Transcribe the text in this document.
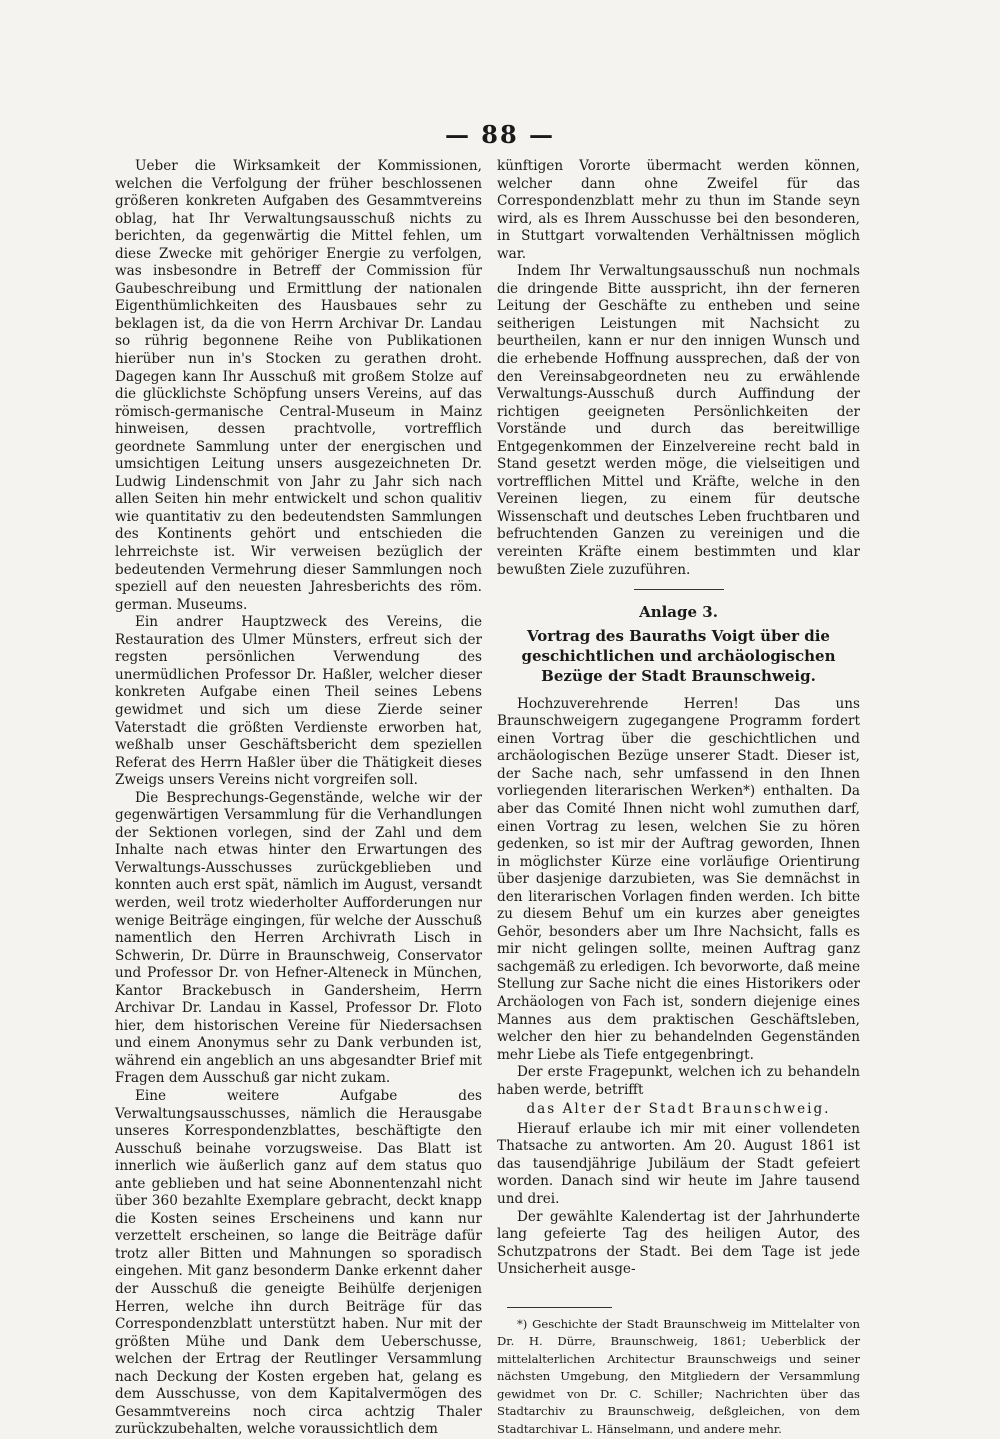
— 88 —

Ueber die Wirksamkeit der Kommissionen, welchen die Verfolgung der früher beschlossenen größeren konkreten Aufgaben des Gesammtvereins oblag, hat Ihr Verwaltungsausschuß nichts zu berichten, da gegenwärtig die Mittel fehlen, um diese Zwecke mit gehöriger Energie zu verfolgen, was insbesondre in Betreff der Commission für Gaubeschreibung und Ermittlung der nationalen Eigenthümlichkeiten des Hausbaues sehr zu beklagen ist, da die von Herrn Archivar Dr. Landau so rührig begonnene Reihe von Publikationen hierüber nun in's Stocken zu gerathen droht. Dagegen kann Ihr Ausschuß mit großem Stolze auf die glücklichste Schöpfung unsers Vereins, auf das römisch-germanische Central-Museum in Mainz hinweisen, dessen prachtvolle, vortrefflich geordnete Sammlung unter der energischen und umsichtigen Leitung unsers ausgezeichneten Dr. Ludwig Lindenschmit von Jahr zu Jahr sich nach allen Seiten hin mehr entwickelt und schon qualitiv wie quantitativ zu den bedeutendsten Sammlungen des Kontinents gehört und entschieden die lehrreichste ist. Wir verweisen bezüglich der bedeutenden Vermehrung dieser Sammlungen noch speziell auf den neuesten Jahresberichts des röm. german. Museums.

Ein andrer Hauptzweck des Vereins, die Restauration des Ulmer Münsters, erfreut sich der regsten persönlichen Verwendung des unermüdlichen Professor Dr. Haßler, welcher dieser konkreten Aufgabe einen Theil seines Lebens gewidmet und sich um diese Zierde seiner Vaterstadt die größten Verdienste erworben hat, weßhalb unser Geschäftsbericht dem speziellen Referat des Herrn Haßler über die Thätigkeit dieses Zweigs unsers Vereins nicht vorgreifen soll.

Die Besprechungs-Gegenstände, welche wir der gegenwärtigen Versammlung für die Verhandlungen der Sektionen vorlegen, sind der Zahl und dem Inhalte nach etwas hinter den Erwartungen des Verwaltungs-Ausschusses zurückgeblieben und konnten auch erst spät, nämlich im August, versandt werden, weil trotz wiederholter Aufforderungen nur wenige Beiträge eingingen, für welche der Ausschuß namentlich den Herren Archivrath Lisch in Schwerin, Dr. Dürre in Braunschweig, Conservator und Professor Dr. von Hefner-Alteneck in München, Kantor Brackebusch in Gandersheim, Herrn Archivar Dr. Landau in Kassel, Professor Dr. Floto hier, dem historischen Vereine für Niedersachsen und einem Anonymus sehr zu Dank verbunden ist, während ein angeblich an uns abgesandter Brief mit Fragen dem Ausschuß gar nicht zukam.

Eine weitere Aufgabe des Verwaltungsausschusses, nämlich die Herausgabe unseres Korrespondenzblattes, beschäftigte den Ausschuß beinahe vorzugsweise. Das Blatt ist innerlich wie äußerlich ganz auf dem status quo ante geblieben und hat seine Abonnentenzahl nicht über 360 bezahlte Exemplare gebracht, deckt knapp die Kosten seines Erscheinens und kann nur verzettelt erscheinen, so lange die Beiträge dafür trotz aller Bitten und Mahnungen so sporadisch eingehen. Mit ganz besonderm Danke erkennt daher der Ausschuß die geneigte Beihülfe derjenigen Herren, welche ihn durch Beiträge für das Correspondenzblatt unterstützt haben. Nur mit der größten Mühe und Dank dem Ueberschusse, welchen der Ertrag der Reutlinger Versammlung nach Deckung der Kosten ergeben hat, gelang es dem Ausschusse, von dem Kapitalvermögen des Gesammtvereins noch circa achtzig Thaler zurückzubehalten, welche voraussichtlich dem

künftigen Vororte übermacht werden können, welcher dann ohne Zweifel für das Correspondenzblatt mehr zu thun im Stande seyn wird, als es Ihrem Ausschusse bei den besonderen, in Stuttgart vorwaltenden Verhältnissen möglich war.

Indem Ihr Verwaltungsausschuß nun nochmals die dringende Bitte ausspricht, ihn der ferneren Leitung der Geschäfte zu entheben und seine seitherigen Leistungen mit Nachsicht zu beurtheilen, kann er nur den innigen Wunsch und die erhebende Hoffnung aussprechen, daß der von den Vereinsabgeordneten neu zu erwählende Verwaltungs-Ausschuß durch Auffindung der richtigen geeigneten Persönlichkeiten der Vorstände und durch das bereitwillige Entgegenkommen der Einzelvereine recht bald in Stand gesetzt werden möge, die vielseitigen und vortrefflichen Mittel und Kräfte, welche in den Vereinen liegen, zu einem für deutsche Wissenschaft und deutsches Leben fruchtbaren und befruchtenden Ganzen zu vereinigen und die vereinten Kräfte einem bestimmten und klar bewußten Ziele zuzuführen.

Anlage 3.
Vortrag des Bauraths Voigt über die geschichtlichen und archäologischen Bezüge der Stadt Braunschweig.

Hochzuverehrende Herren! Das uns Braunschweigern zugegangene Programm fordert einen Vortrag über die geschichtlichen und archäologischen Bezüge unserer Stadt. Dieser ist, der Sache nach, sehr umfassend in den Ihnen vorliegenden literarischen Werken*) enthalten. Da aber das Comité Ihnen nicht wohl zumuthen darf, einen Vortrag zu lesen, welchen Sie zu hören gedenken, so ist mir der Auftrag geworden, Ihnen in möglichster Kürze eine vorläufige Orientirung über dasjenige darzubieten, was Sie demnächst in den literarischen Vorlagen finden werden. Ich bitte zu diesem Behuf um ein kurzes aber geneigtes Gehör, besonders aber um Ihre Nachsicht, falls es mir nicht gelingen sollte, meinen Auftrag ganz sachgemäß zu erledigen. Ich bevorworte, daß meine Stellung zur Sache nicht die eines Historikers oder Archäologen von Fach ist, sondern diejenige eines Mannes aus dem praktischen Geschäftsleben, welcher den hier zu behandelnden Gegenständen mehr Liebe als Tiefe entgegenbringt.

Der erste Fragepunkt, welchen ich zu behandeln haben werde, betrifft

das Alter der Stadt Braunschweig.

Hierauf erlaube ich mir mit einer vollendeten Thatsache zu antworten. Am 20. August 1861 ist das tausendjährige Jubiläum der Stadt gefeiert worden. Danach sind wir heute im Jahre tausend und drei.

Der gewählte Kalendertag ist der Jahrhunderte lang gefeierte Tag des heiligen Autor, des Schutzpatrons der Stadt. Bei dem Tage ist jede Unsicherheit ausge-

*) Geschichte der Stadt Braunschweig im Mittelalter von Dr. H. Dürre, Braunschweig, 1861; Ueberblick der mittelalterlichen Architectur Braunschweigs und seiner nächsten Umgebung, den Mitgliedern der Versammlung gewidmet von Dr. C. Schiller; Nachrichten über das Stadtarchiv zu Braunschweig, deßgleichen, von dem Stadtarchivar L. Hänselmann, und andere mehr.
